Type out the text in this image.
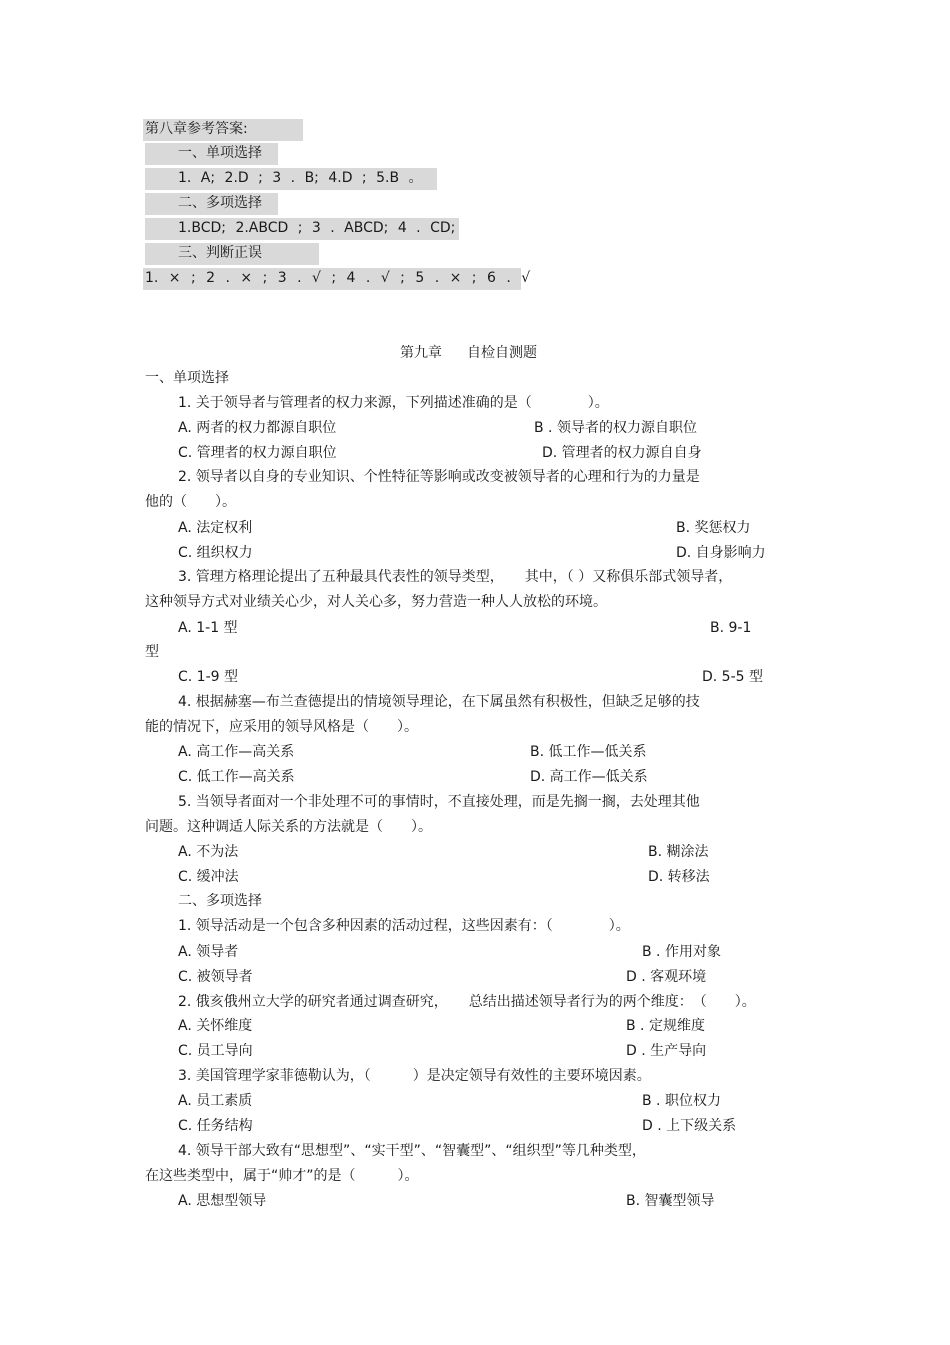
第八章参考答案:
一、单项选择
1. A; 2.D ; 3 . B; 4.D ; 5.B 。
二、多项选择
1.BCD; 2.ABCD ; 3 . ABCD; 4 . CD;
三、判断正误
1. × ; 2 . × ; 3 . √ ; 4 . √ ; 5 . × ; 6 . √
第九章 自检自测题
一、单项选择
1. 关于领导者与管理者的权力来源，下列描述准确的是（　　　　）。
A. 两者的权力都源自职位	B . 领导者的权力源自职位
C. 管理者的权力源自职位	D. 管理者的权力源自自身
2. 领导者以自身的专业知识、个性特征等影响或改变被领导者的心理和行为的力量是
他的（　　）。
A. 法定权利	B. 奖惩权力
C. 组织权力	D. 自身影响力
3. 管理方格理论提出了五种最具代表性的领导类型，　　其中，（ ）又称俱乐部式领导者，
这种领导方式对业绩关心少，对人关心多，努力营造一种人人放松的环境。
A. 1-1 型	B. 9-1
型
C. 1-9 型	D. 5-5 型
4. 根据赫塞—布兰查德提出的情境领导理论，在下属虽然有积极性，但缺乏足够的技
能的情况下，应采用的领导风格是（　　）。
A. 高工作—高关系	B. 低工作—低关系
C. 低工作—高关系	D. 高工作—低关系
5. 当领导者面对一个非处理不可的事情时，不直接处理，而是先搁一搁，去处理其他
问题。这种调适人际关系的方法就是（　　）。
A. 不为法	B. 糊涂法
C. 缓冲法	D. 转移法
二、多项选择
1. 领导活动是一个包含多种因素的活动过程，这些因素有：（　　　　）。
A. 领导者	B . 作用对象
C. 被领导者	D . 客观环境
2. 俄亥俄州立大学的研究者通过调查研究，　　总结出描述领导者行为的两个维度：　（　　）。
A. 关怀维度	B . 定规维度
C. 员工导向	D . 生产导向
3. 美国管理学家菲德勒认为，（　　　）是决定领导有效性的主要环境因素。
A. 员工素质	B . 职位权力
C. 任务结构	D . 上下级关系
4. 领导干部大致有“思想型”、“实干型”、“智囊型”、“组织型”等几种类型，
在这些类型中，属于“帅才”的是（　　　）。
A. 思想型领导	B. 智囊型领导
